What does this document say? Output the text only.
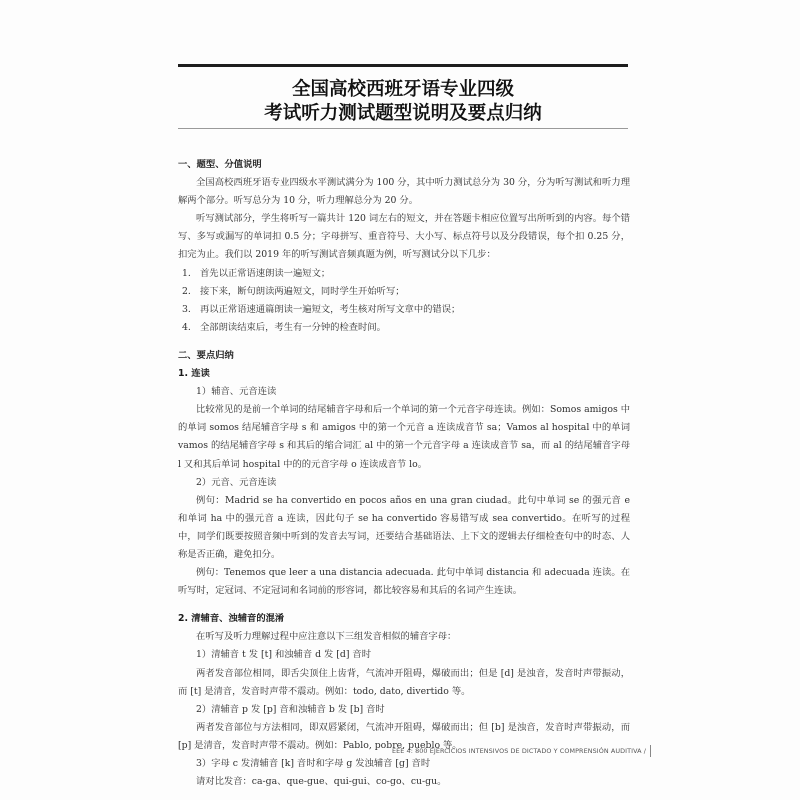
全国高校西班牙语专业四级
考试听力测试题型说明及要点归纳

一、题型、分值说明

全国高校西班牙语专业四级水平测试满分为 100 分，其中听力测试总分为 30 分，分为听写测试和听力理解两个部分。听写总分为 10 分，听力理解总分为 20 分。

听写测试部分，学生将听写一篇共计 120 词左右的短文，并在答题卡相应位置写出所听到的内容。每个错写、多写或漏写的单词扣 0.5 分；字母拼写、重音符号、大小写、标点符号以及分段错误，每个扣 0.25 分，扣完为止。我们以 2019 年的听写测试音频真题为例，听写测试分以下几步：

1. 首先以正常语速朗读一遍短文；

2. 接下来，断句朗读两遍短文，同时学生开始听写；

3. 再以正常语速通篇朗读一遍短文，考生核对所写文章中的错误；

4. 全部朗读结束后，考生有一分钟的检查时间。

二、要点归纳

1. 连读

1）辅音、元音连读

比较常见的是前一个单词的结尾辅音字母和后一个单词的第一个元音字母连读。例如：Somos amigos 中的单词 somos 结尾辅音字母 s 和 amigos 中的第一个元音 a 连读成音节 sa；Vamos al hospital 中的单词 vamos 的结尾辅音字母 s 和其后的缩合词汇 al 中的第一个元音字母 a 连读成音节 sa，而 al 的结尾辅音字母 l 又和其后单词 hospital 中的的元音字母 o 连读成音节 lo。

2）元音、元音连读

例句：Madrid se ha convertido en pocos años en una gran ciudad。此句中单词 se 的强元音 e 和单词 ha 中的强元音 a 连读，因此句子 se ha convertido 容易错写成 sea convertido。在听写的过程中，同学们既要按照音频中听到的发音去写词，还要结合基础语法、上下文的逻辑去仔细检查句中的时态、人称是否正确，避免扣分。

例句：Tenemos que leer a una distancia adecuada. 此句中单词 distancia 和 adecuada 连读。在听写时，定冠词、不定冠词和名词前的形容词，都比较容易和其后的名词产生连读。

2. 清辅音、浊辅音的混淆

在听写及听力理解过程中应注意以下三组发音相似的辅音字母：

1）清辅音 t 发 [t] 和浊辅音 d 发 [d] 音时

两者发音部位相同，即舌尖顶住上齿背，气流冲开阻碍，爆破而出；但是 [d] 是浊音，发音时声带振动，而 [t] 是清音，发音时声带不震动。例如：todo, dato, divertido 等。

2）清辅音 p 发 [p] 音和浊辅音 b 发 [b] 音时

两者发音部位与方法相同，即双唇紧闭，气流冲开阻碍，爆破而出；但 [b] 是浊音，发音时声带振动，而 [p] 是清音，发音时声带不震动。例如：Pablo, pobre, pueblo 等。

3）字母 c 发清辅音 [k] 音时和字母 g 发浊辅音 [g] 音时

请对比发音：ca-ga、que-gue、qui-gui、co-go、cu-gu。

EEE 4: 800 EJERCICIOS INTENSIVOS DE DICTADO Y COMPRENSIÓN AUDITIVA /
